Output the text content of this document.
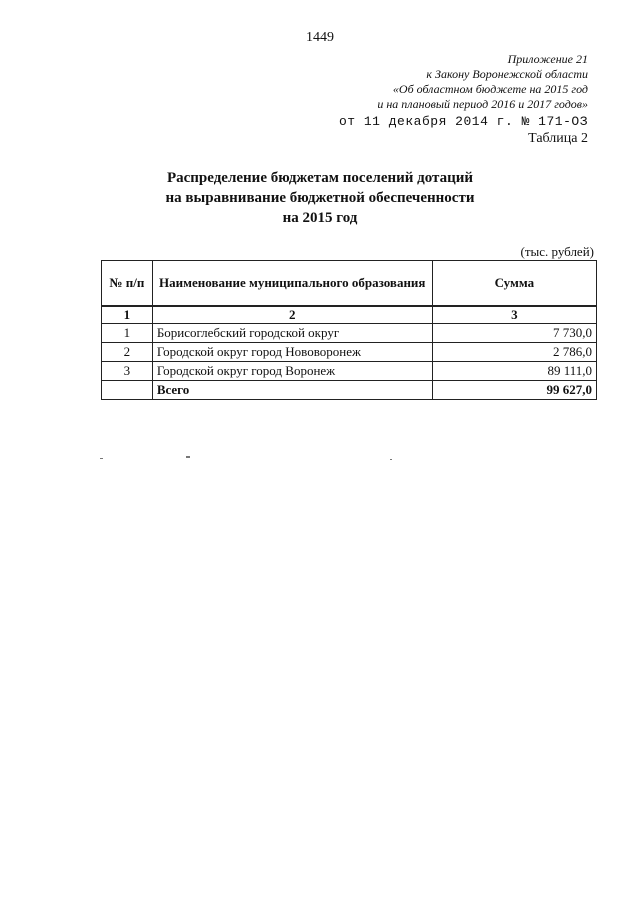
1449
Приложение 21
к Закону Воронежской области
«Об областном бюджете на 2015 год
и на плановый период 2016 и 2017 годов»
от 11 декабря 2014 г. № 171-ОЗ
Таблица 2
Распределение бюджетам поселений дотаций
на выравнивание бюджетной обеспеченности
на 2015 год
(тыс. рублей)
№ п/п	Наименование муниципального образования	Сумма
1	2	3
1	Борисоглебский городской округ	7 730,0
2	Городской округ город Нововоронеж	2 786,0
3	Городской округ город Воронеж	89 111,0
	Всего	99 627,0
